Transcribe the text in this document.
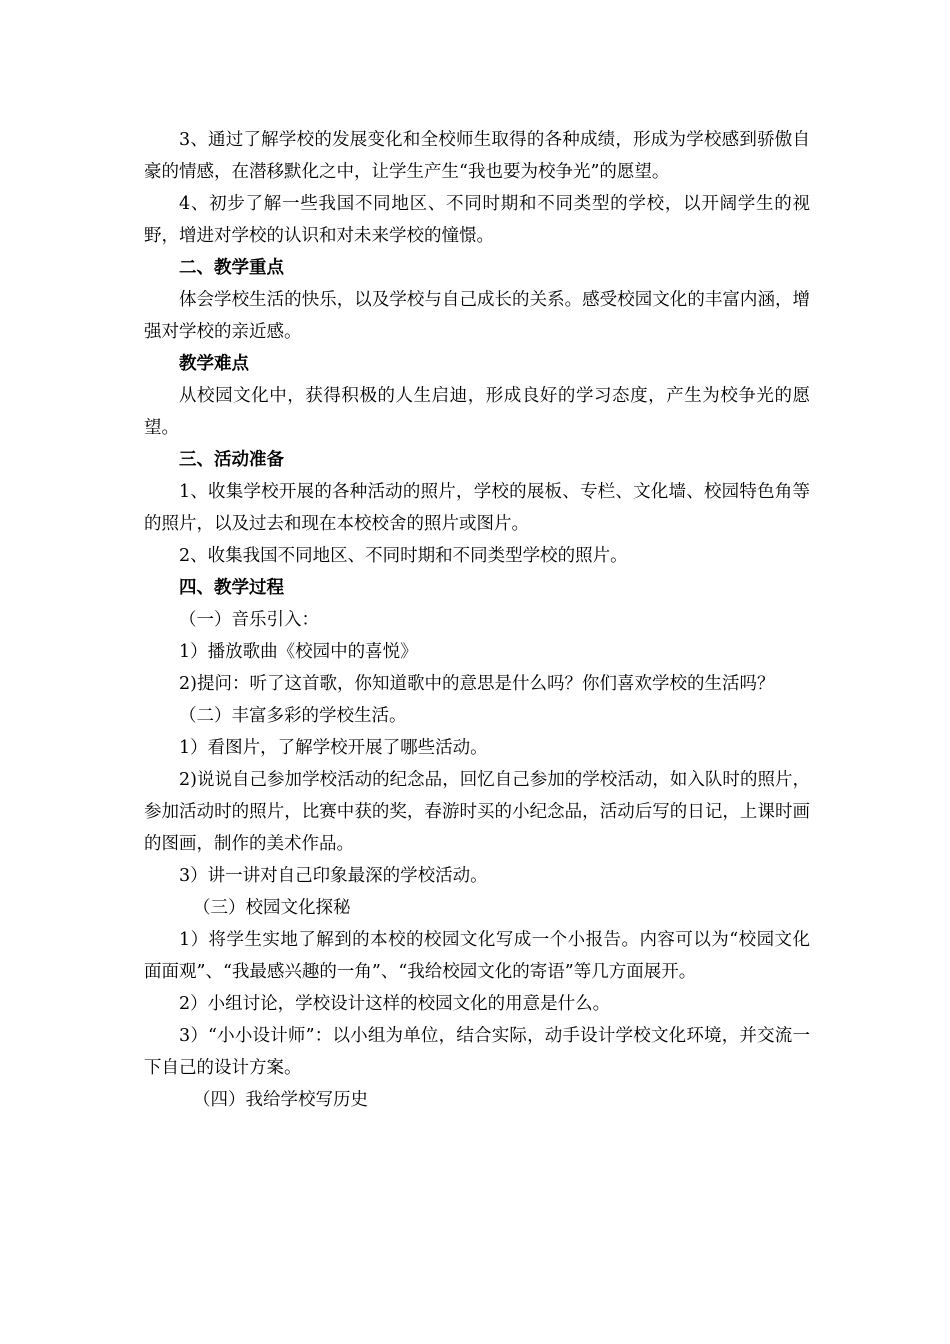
3、通过了解学校的发展变化和全校师生取得的各种成绩，形成为学校感到骄傲自豪的情感，在潜移默化之中，让学生产生“我也要为校争光”的愿望。

4、初步了解一些我国不同地区、不同时期和不同类型的学校，以开阔学生的视野，增进对学校的认识和对未来学校的憧憬。

二、教学重点

体会学校生活的快乐，以及学校与自己成长的关系。感受校园文化的丰富内涵，增强对学校的亲近感。

教学难点

从校园文化中，获得积极的人生启迪，形成良好的学习态度，产生为校争光的愿望。

三、活动准备

1、收集学校开展的各种活动的照片，学校的展板、专栏、文化墙、校园特色角等的照片，以及过去和现在本校校舍的照片或图片。

2、收集我国不同地区、不同时期和不同类型学校的照片。

四、教学过程

（一）音乐引入：

1）播放歌曲《校园中的喜悦》

2)提问：听了这首歌，你知道歌中的意思是什么吗？你们喜欢学校的生活吗？

（二）丰富多彩的学校生活。

1）看图片，了解学校开展了哪些活动。

2)说说自己参加学校活动的纪念品，回忆自己参加的学校活动，如入队时的照片，参加活动时的照片，比赛中获的奖，春游时买的小纪念品，活动后写的日记，上课时画的图画，制作的美术作品。

3）讲一讲对自己印象最深的学校活动。

（三）校园文化探秘

1）将学生实地了解到的本校的校园文化写成一个小报告。内容可以为“校园文化面面观”、“我最感兴趣的一角”、“我给校园文化的寄语”等几方面展开。

2）小组讨论，学校设计这样的校园文化的用意是什么。

3）“小小设计师”：以小组为单位，结合实际，动手设计学校文化环境，并交流一下自己的设计方案。

（四）我给学校写历史
